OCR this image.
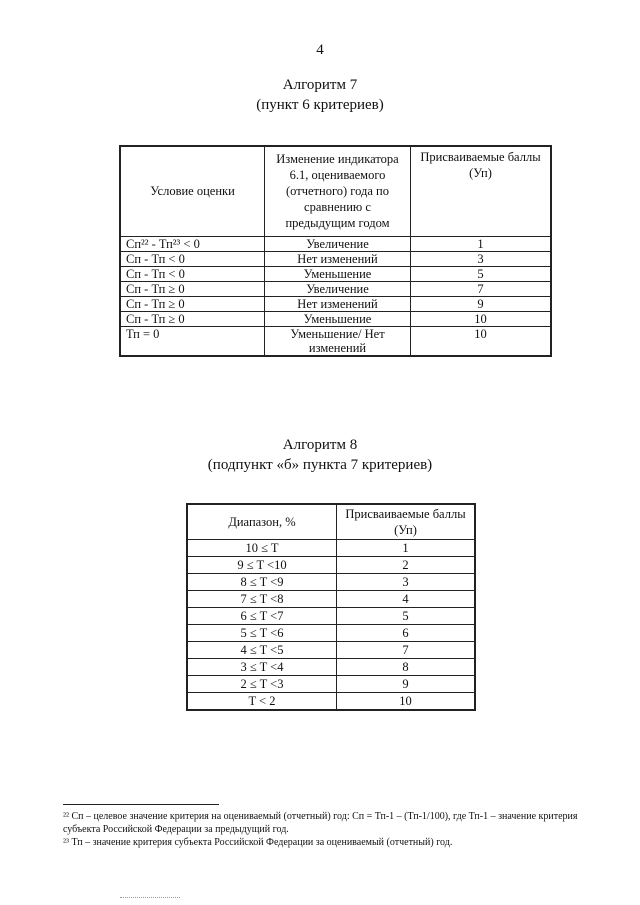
4
Алгоритм 7
(пункт 6 критериев)
Условие оценки	Изменение индикатора 6.1, оцениваемого (отчетного) года по сравнению с предыдущим годом	Присваиваемые баллы (Уп)
Сп²² - Тп²³ < 0	Увеличение	1
Сп - Тп < 0	Нет изменений	3
Сп - Тп < 0	Уменьшение	5
Сп - Тп ≥ 0	Увеличение	7
Сп - Тп ≥ 0	Нет изменений	9
Сп - Тп ≥ 0	Уменьшение	10
Тп = 0	Уменьшение/ Нет изменений	10
Алгоритм 8
(подпункт «б» пункта 7 критериев)
Диапазон, %	Присваиваемые баллы (Уп)
10 ≤ T	1
9 ≤ T <10	2
8 ≤ T <9	3
7 ≤ T <8	4
6 ≤ T <7	5
5 ≤ T <6	6
4 ≤ T <5	7
3 ≤ T <4	8
2 ≤ T <3	9
T < 2	10

²² Сп – целевое значение критерия на оцениваемый (отчетный) год: Сп = Тп-1 – (Тп-1/100), где Тп-1 – значение критерия субъекта Российской Федерации за предыдущий год.

²³ Тп – значение критерия субъекта Российской Федерации за оцениваемый (отчетный) год.
